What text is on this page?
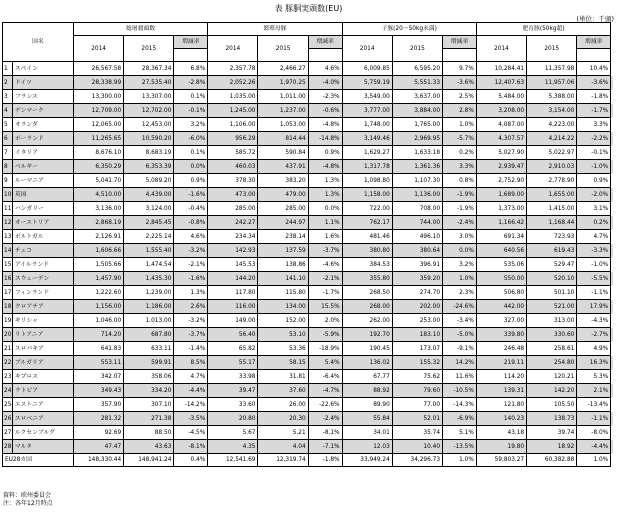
表 豚胴実頭数(EU)
(単位：千頭)
国名		総屠殺頭数			繁殖母豚			子豚(20～50kg未満)			肥育豚(50kg超)			
		2014	2015	増減率	2014	2015	増減率	2014	2015	増減率	2014	2015	増減率	

1	スペイン	26,567.58	28,367.34	6.8%	2,357.78	2,466.27	4.6%	6,009.85	6,595.20	9.7%	10,284.41	11,357.98	10.4%	
2	ドイツ	28,338.99	27,535.40	-2.8%	2,052.26	1,970.25	-4.0%	5,759.19	5,551.33	-3.6%	12,407.63	11,957.06	-3.6%	
3	フランス	13,300.00	13,307.00	0.1%	1,035.00	1,011.00	-2.3%	3,549.00	3,637.00	2.5%	5,484.00	5,388.00	-1.8%	
4	デンマーク	12,709.00	12,702.00	-0.1%	1,245.00	1,237.00	-0.6%	3,777.00	3,884.00	2.8%	3,208.00	3,154.00	-1.7%	
5	オランダ	12,065.00	12,453.00	3.2%	1,106.00	1,053.00	-4.8%	1,748.00	1,765.00	1.0%	4,087.00	4,223.00	3.3%	
6	ポーランド	11,265.65	10,590.20	-6.0%	956.29	814.44	-14.8%	3,149.46	2,969.95	-5.7%	4,307.57	4,214.22	-2.2%	
7	イタリア	8,676.10	8,683.19	0.1%	585.72	590.84	0.9%	1,629.27	1,633.18	0.2%	5,027.90	5,022.97	-0.1%	
8	ベルギー	6,350.29	6,353.39	0.0%	460.03	437.91	-4.8%	1,317.78	1,361.36	3.3%	2,939.47	2,910.03	-1.0%	
9	ルーマニア	5,041.70	5,089.20	0.9%	378.30	383.20	1.3%	1,098.80	1,107.30	0.8%	2,752.90	2,778.90	0.9%	
10	英国	4,510.00	4,439.00	-1.6%	473.00	479.00	1.3%	1,158.00	1,136.00	-1.9%	1,689.00	1,655.00	-2.0%	
11	ハンガリー	3,136.00	3,124.00	-0.4%	285.00	285.00	0.0%	722.00	708.00	-1.9%	1,373.00	1,415.00	3.1%	
12	オーストリア	2,868.19	2,845.45	-0.8%	242.27	244.97	1.1%	762.17	744.00	-2.4%	1,166.42	1,168.44	0.2%	
13	ポルトガル	2,126.91	2,225.14	4.6%	234.34	238.14	1.6%	481.46	496.10	3.0%	691.34	723.93	4.7%	
14	チェコ	1,606.66	1,555.40	-3.2%	142.93	137.59	-3.7%	380.80	380.64	0.0%	640.56	619.43	-3.3%	
15	アイルランド	1,505.66	1,474.54	-2.1%	145.53	138.86	-4.6%	384.53	396.91	3.2%	535.06	529.47	-1.0%	
16	スウェーデン	1,457.90	1,435.30	-1.6%	144.20	141.10	-2.1%	355.80	359.20	1.0%	550.00	520.10	-5.5%	
17	フィンランド	1,222.60	1,239.00	1.3%	117.80	115.80	-1.7%	268.50	274.70	2.3%	506.80	501.10	-1.1%	
18	クロアチア	1,156.00	1,186.00	2.6%	116.00	134.00	15.5%	268.00	202.00	-24.6%	442.00	521.00	17.9%	
19	ギリシャ	1,046.00	1,013.00	-3.2%	149.00	152.00	2.0%	262.00	253.00	-3.4%	327.00	313.00	-4.3%	
20	リトアニア	714.20	687.80	-3.7%	56.40	53.10	-5.9%	192.70	183.10	-5.0%	339.80	330.60	-2.7%	
21	スロバキア	641.83	633.11	-1.4%	65.82	53.36	-18.9%	190.45	173.07	-9.1%	246.48	258.61	4.9%	
22	ブルガリア	553.11	599.91	8.5%	55.17	58.15	5.4%	136.02	155.32	14.2%	219.11	254.80	16.3%	
23	キプロス	342.07	358.06	4.7%	33.98	31.81	-6.4%	67.77	75.62	11.6%	114.20	120.21	5.3%	
24	ラトビア	349.43	334.20	-4.4%	39.47	37.60	-4.7%	88.92	79.60	-10.5%	139.31	142.20	2.1%	
25	エストニア	357.90	307.10	-14.2%	33.60	26.00	-22.6%	89.90	77.00	-14.3%	121.80	105.50	-13.4%	
26	スロベニア	281.32	271.38	-3.5%	20.80	20.30	-2.4%	55.84	52.01	-6.9%	140.23	138.73	-1.1%	
27	ルクセンブルグ	92.69	88.50	-4.5%	5.67	5.21	-8.1%	34.01	35.74	5.1%	43.18	39.74	-8.0%	
28	マルタ	47.47	43.63	-8.1%	4.35	4.04	-7.1%	12.03	10.40	-13.5%	19.80	18.92	-4.4%	
EU28カ国		148,330.44	148,941.24	0.4%	12,541.69	12,319.74	-1.8%	33,949.24	34,296.73	1.0%	59,803.27	60,382.88	1.0%	
資料：欧州委員会
注：各年12月時点
